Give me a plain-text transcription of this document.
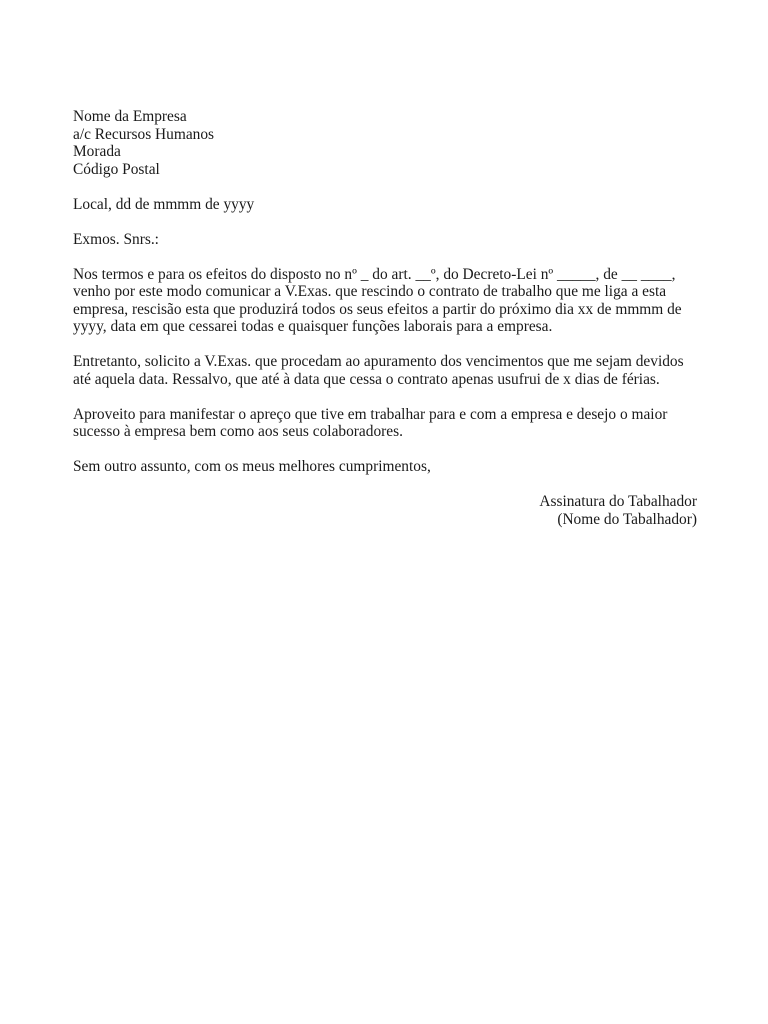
Nome da Empresa
a/c Recursos Humanos
Morada
Código Postal
Local, dd de mmmm de yyyy
Exmos. Snrs.:
Nos termos e para os efeitos do disposto no nº _ do art. __º, do Decreto-Lei nº _____, de __ ____,
venho por este modo comunicar a V.Exas. que rescindo o contrato de trabalho que me liga a esta
empresa, rescisão esta que produzirá todos os seus efeitos a partir do próximo dia xx de mmmm de
yyyy, data em que cessarei todas e quaisquer funções laborais para a empresa.
Entretanto, solicito a V.Exas. que procedam ao apuramento dos vencimentos que me sejam devidos
até aquela data. Ressalvo, que até à data que cessa o contrato apenas usufrui de x dias de férias.
Aproveito para manifestar o apreço que tive em trabalhar para e com a empresa e desejo o maior
sucesso à empresa bem como aos seus colaboradores.
Sem outro assunto, com os meus melhores cumprimentos,
Assinatura do Tabalhador
(Nome do Tabalhador)
